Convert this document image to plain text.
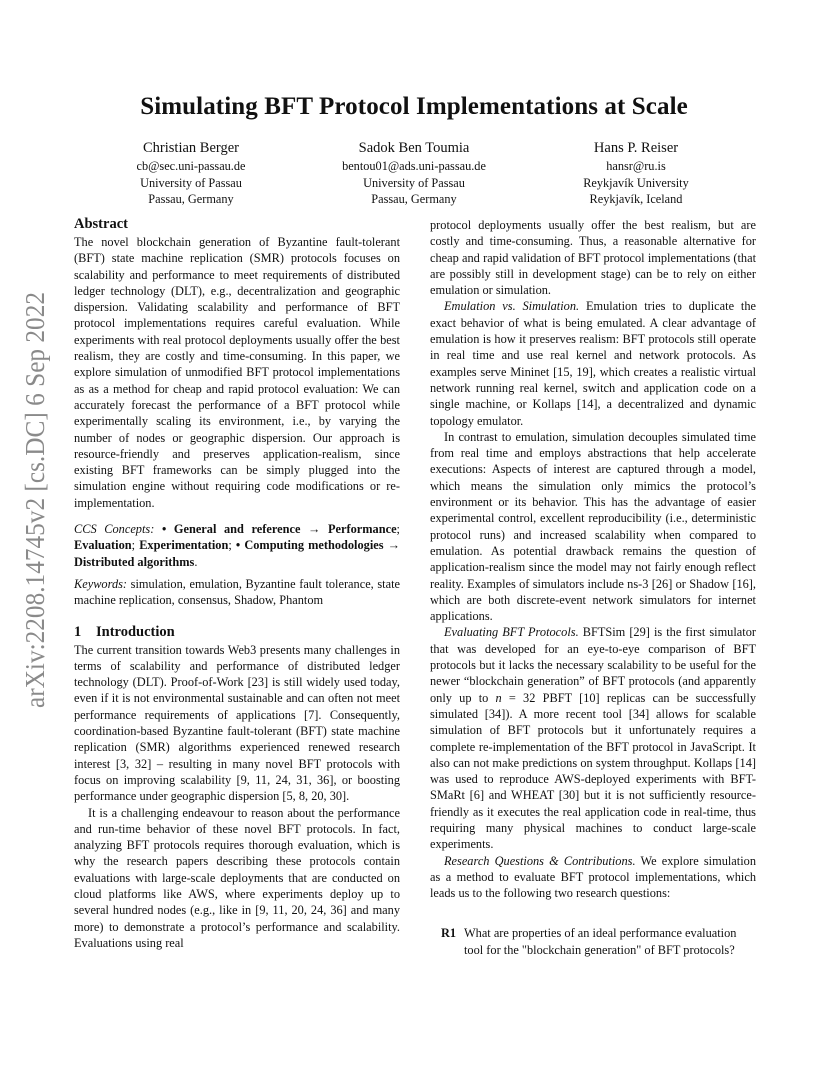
arXiv:2208.14745v2 [cs.DC] 6 Sep 2022
Simulating BFT Protocol Implementations at Scale
Christian Berger
cb@sec.uni-passau.de
University of Passau
Passau, Germany
Sadok Ben Toumia
bentou01@ads.uni-passau.de
University of Passau
Passau, Germany
Hans P. Reiser
hansr@ru.is
Reykjavík University
Reykjavík, Iceland
Abstract

The novel blockchain generation of Byzantine fault-tolerant (BFT) state machine replication (SMR) protocols focuses on scalability and performance to meet requirements of distributed ledger technology (DLT), e.g., decentralization and geographic dispersion. Validating scalability and performance of BFT protocol implementations requires careful evaluation. While experiments with real protocol deployments usually offer the best realism, they are costly and time-consuming. In this paper, we explore simulation of unmodified BFT protocol implementations as as a method for cheap and rapid protocol evaluation: We can accurately forecast the performance of a BFT protocol while experimentally scaling its environment, i.e., by varying the number of nodes or geographic dispersion. Our approach is resource-friendly and preserves application-realism, since existing BFT frameworks can be simply plugged into the simulation engine without requiring code modifications or re-implementation.

CCS Concepts: • General and reference → Performance; Evaluation; Experimentation; • Computing methodologies → Distributed algorithms.

Keywords: simulation, emulation, Byzantine fault tolerance, state machine replication, consensus, Shadow, Phantom

1 Introduction

The current transition towards Web3 presents many challenges in terms of scalability and performance of distributed ledger technology (DLT). Proof-of-Work [23] is still widely used today, even if it is not environmental sustainable and can often not meet performance requirements of applications [7]. Consequently, coordination-based Byzantine fault-tolerant (BFT) state machine replication (SMR) algorithms experienced renewed research interest [3, 32] – resulting in many novel BFT protocols with focus on improving scalability [9, 11, 24, 31, 36], or boosting performance under geographic dispersion [5, 8, 20, 30].

It is a challenging endeavour to reason about the performance and run-time behavior of these novel BFT protocols. In fact, analyzing BFT protocols requires thorough evaluation, which is why the research papers describing these protocols contain evaluations with large-scale deployments that are conducted on cloud platforms like AWS, where experiments deploy up to several hundred nodes (e.g., like in [9, 11, 20, 24, 36] and many more) to demonstrate a protocol’s performance and scalability. Evaluations using real

protocol deployments usually offer the best realism, but are costly and time-consuming. Thus, a reasonable alternative for cheap and rapid validation of BFT protocol implementations (that are possibly still in development stage) can be to rely on either emulation or simulation.

Emulation vs. Simulation. Emulation tries to duplicate the exact behavior of what is being emulated. A clear advantage of emulation is how it preserves realism: BFT protocols still operate in real time and use real kernel and network protocols. As examples serve Mininet [15, 19], which creates a realistic virtual network running real kernel, switch and application code on a single machine, or Kollaps [14], a decentralized and dynamic topology emulator.

In contrast to emulation, simulation decouples simulated time from real time and employs abstractions that help accelerate executions: Aspects of interest are captured through a model, which means the simulation only mimics the protocol’s environment or its behavior. This has the advantage of easier experimental control, excellent reproducibility (i.e., deterministic protocol runs) and increased scalability when compared to emulation. As potential drawback remains the question of application-realism since the model may not fairly enough reflect reality. Examples of simulators include ns-3 [26] or Shadow [16], which are both discrete-event network simulators for internet applications.

Evaluating BFT Protocols. BFTSim [29] is the first simulator that was developed for an eye-to-eye comparison of BFT protocols but it lacks the necessary scalability to be useful for the newer “blockchain generation” of BFT protocols (and apparently only up to n = 32 PBFT [10] replicas can be successfully simulated [34]). A more recent tool [34] allows for scalable simulation of BFT protocols but it unfortunately requires a complete re-implementation of the BFT protocol in JavaScript. It also can not make predictions on system throughput. Kollaps [14] was used to reproduce AWS-deployed experiments with BFT-SMaRt [6] and WHEAT [30] but it is not sufficiently resource-friendly as it executes the real application code in real-time, thus requiring many physical machines to conduct large-scale experiments.

Research Questions & Contributions. We explore simulation as a method to evaluate BFT protocol implementations, which leads us to the following two research questions:

R1 What are properties of an ideal performance evaluation tool for the "blockchain generation" of BFT protocols?
